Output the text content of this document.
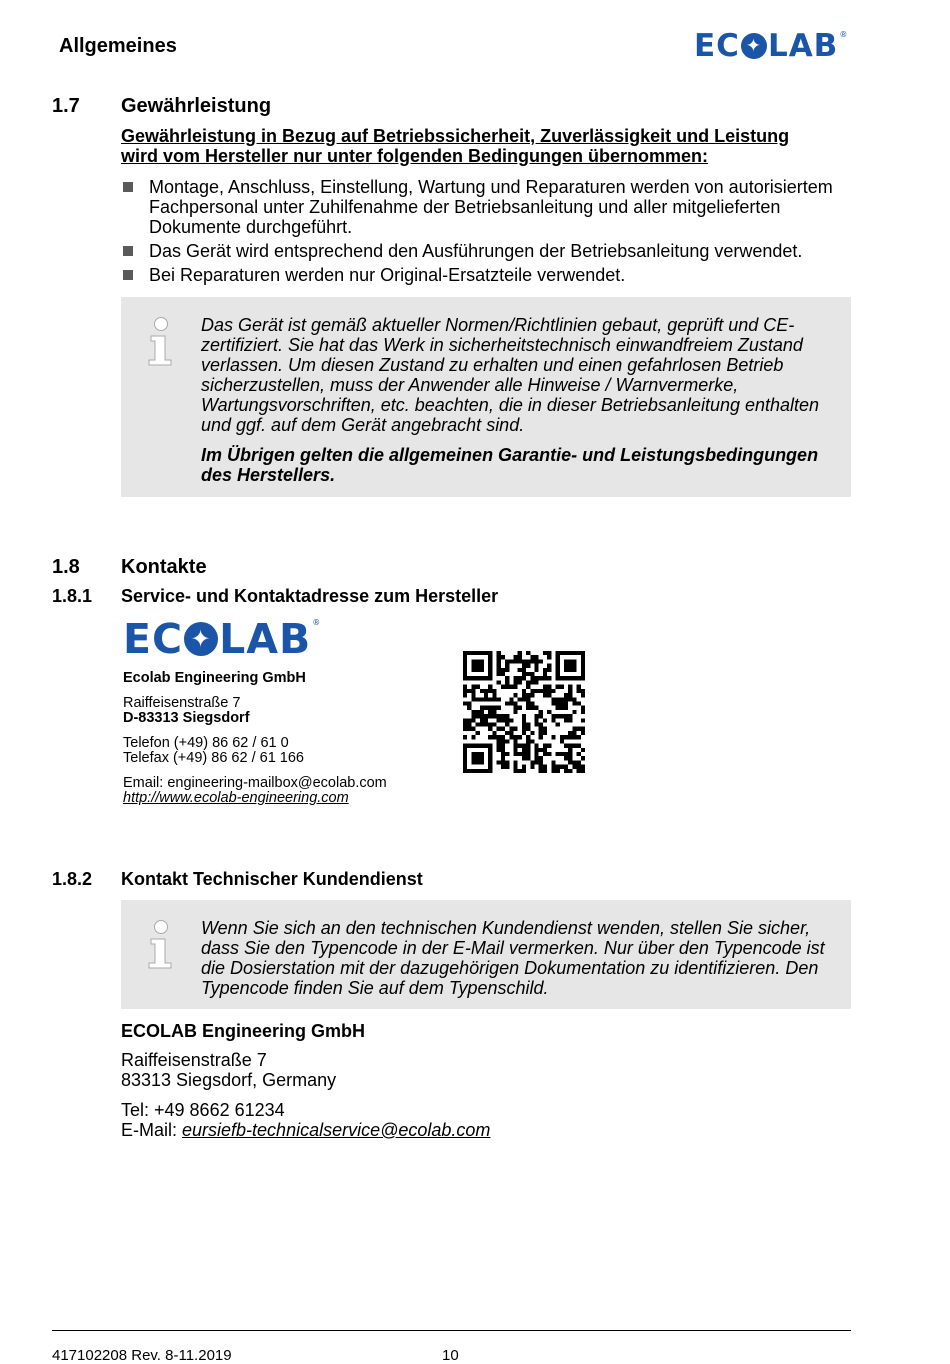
Allgemeines	EC ✦ LAB ®
1.7 Gewährleistung
Gewährleistung in Bezug auf Betriebssicherheit, Zuverlässigkeit und Leistung
wird vom Hersteller nur unter folgenden Bedingungen übernommen:
Montage, Anschluss, Einstellung, Wartung und Reparaturen werden von autorisiertem Fachpersonal unter Zuhilfenahme der Betriebsanleitung und aller mitgelieferten Dokumente durchgeführt.
Das Gerät wird entsprechend den Ausführungen der Betriebsanleitung verwendet.
Bei Reparaturen werden nur Original-Ersatzteile verwendet.

Das Gerät ist gemäß aktueller Normen/Richtlinien gebaut, geprüft und CE-zertifiziert. Sie hat das Werk in sicherheitstechnisch einwandfreiem Zustand verlassen. Um diesen Zustand zu erhalten und einen gefahrlosen Betrieb sicherzustellen, muss der Anwender alle Hinweise / Warnvermerke, Wartungsvorschriften, etc. beachten, die in dieser Betriebsanleitung enthalten und ggf. auf dem Gerät angebracht sind.

Im Übrigen gelten die allgemeinen Garantie- und Leistungsbedingungen des Herstellers.

1.8 Kontakte
1.8.1 Service- und Kontaktadresse zum Hersteller
EC ✦ LAB ®
Ecolab Engineering GmbH
Raiffeisenstraße 7
D-83313 Siegsdorf
Telefon (+49) 86 62 / 61 0
Telefax (+49) 86 62 / 61 166
Email: engineering-mailbox@ecolab.com
http://www.ecolab-engineering.com
1.8.2 Kontakt Technischer Kundendienst

Wenn Sie sich an den technischen Kundendienst wenden, stellen Sie sicher, dass Sie den Typencode in der E-Mail vermerken. Nur über den Typencode ist die Dosierstation mit der dazugehörigen Dokumentation zu identifizieren. Den Typencode finden Sie auf dem Typenschild.

ECOLAB Engineering GmbH
Raiffeisenstraße 7
83313 Siegsdorf, Germany
Tel: +49 8662 61234
E-Mail: eursiefb-technicalservice@ecolab.com
417102208 Rev. 8-11.2019	10
